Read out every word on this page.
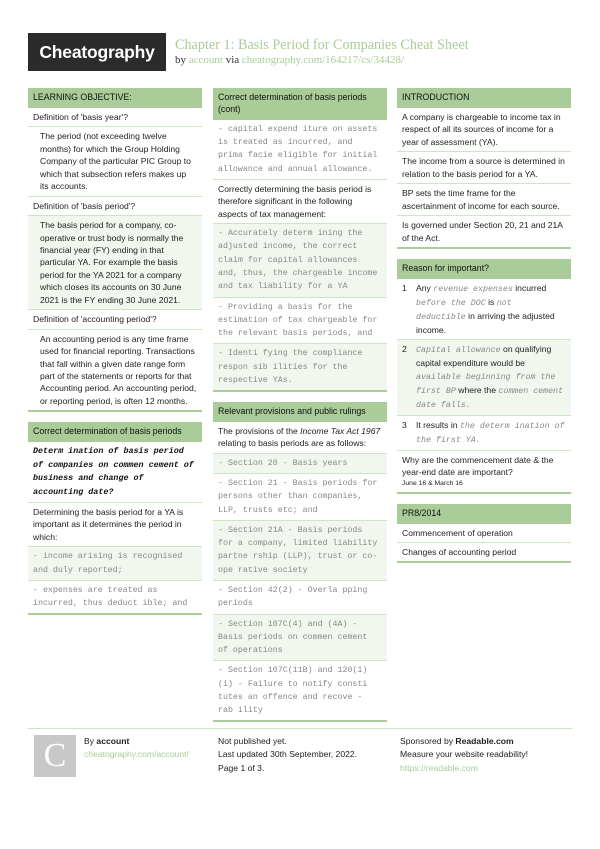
Cheatography	Chapter 1: Basis Period for Companies Cheat Sheet
by account via cheatography.com/164217/cs/34428/
LEARNING OBJECTIVE:
Definition of 'basis year'?
The period (not exceeding twelve months) for which the Group Holding Company of the particular PIC Group to which that subsection refers makes up its accounts.
Definition of 'basis period'?
The basis period for a company, co-operative or trust body is normally the financial year (FY) ending in that particular YA. For example the basis period for the YA 2021 for a company which closes its accounts on 30 June 2021 is the FY ending 30 June 2021.
Definition of 'accounting period'?
An accounting period is any time frame used for financial reporting. Transactions that fall within a given date range form part of the statements or reports for that Accounting period. An accounting period, or reporting period, is often 12 months.
Correct determination of basis periods
Determ ination of basis period of companies on commen cement of business and change of accounting date?
Determining the basis period for a YA is important as it determines the period in which:
- income arising is recognised and duly reported;
- expenses are treated as incurred, thus deduct ible; and
Correct determination of basis periods (cont)
- capital expend iture on assets is treated as incurred, and prima facie eligible for initial allowance and annual allowance.
Correctly determining the basis period is therefore significant in the following aspects of tax management:
- Accurately determ ining the adjusted income, the correct claim for capital allowances and, thus, the chargeable income and tax liability for a YA
- Providing a basis for the estimation of tax chargeable for the relevant basis periods, and
- Identi fying the compliance respon sib ilities for the respective YAs.
Relevant provisions and public rulings
The provisions of the Income Tax Act 1967 relating to basis periods are as follows:
- Section 20 - Basis years
- Section 21 - Basis periods for persons other than companies, LLP, trusts etc; and
- Section 21A - Basis periods for a company, limited liability partne rship (LLP), trust or co-ope rative society
- Section 42(2) - Overla pping periods
- Section 107C(4) and (4A) - Basis periods on commen cement of operations
- Section 107C(11B) and 120(1)(i) - Failure to notify consti tutes an offence and recove - rab ility
INTRODUCTION
A company is chargeable to income tax in respect of all its sources of income for a year of assessment (YA).
The income from a source is determined in relation to the basis period for a YA.
BP sets the time frame for the ascertainment of income for each source.
Is governed under Section 20, 21 and 21A of the Act.
Reason for important?
1	Any revenue expenses incurred before the DOC is not deductible in arriving the adjusted income.
2	Capital allowance on qualifying capital expenditure would be available beginning from the first BP where the commen cement date falls.
3	It results in the determ ination of the first YA.
Why are the commencement date & the year-end date are important?
June 16 & March 16
PR8/2014
Commencement of operation
Changes of accounting period
C	By account
cheatography.com/account/
Not published yet.
Last updated 30th September, 2022.
Page 1 of 3.
Sponsored by Readable.com
Measure your website readability!
https://readable.com
